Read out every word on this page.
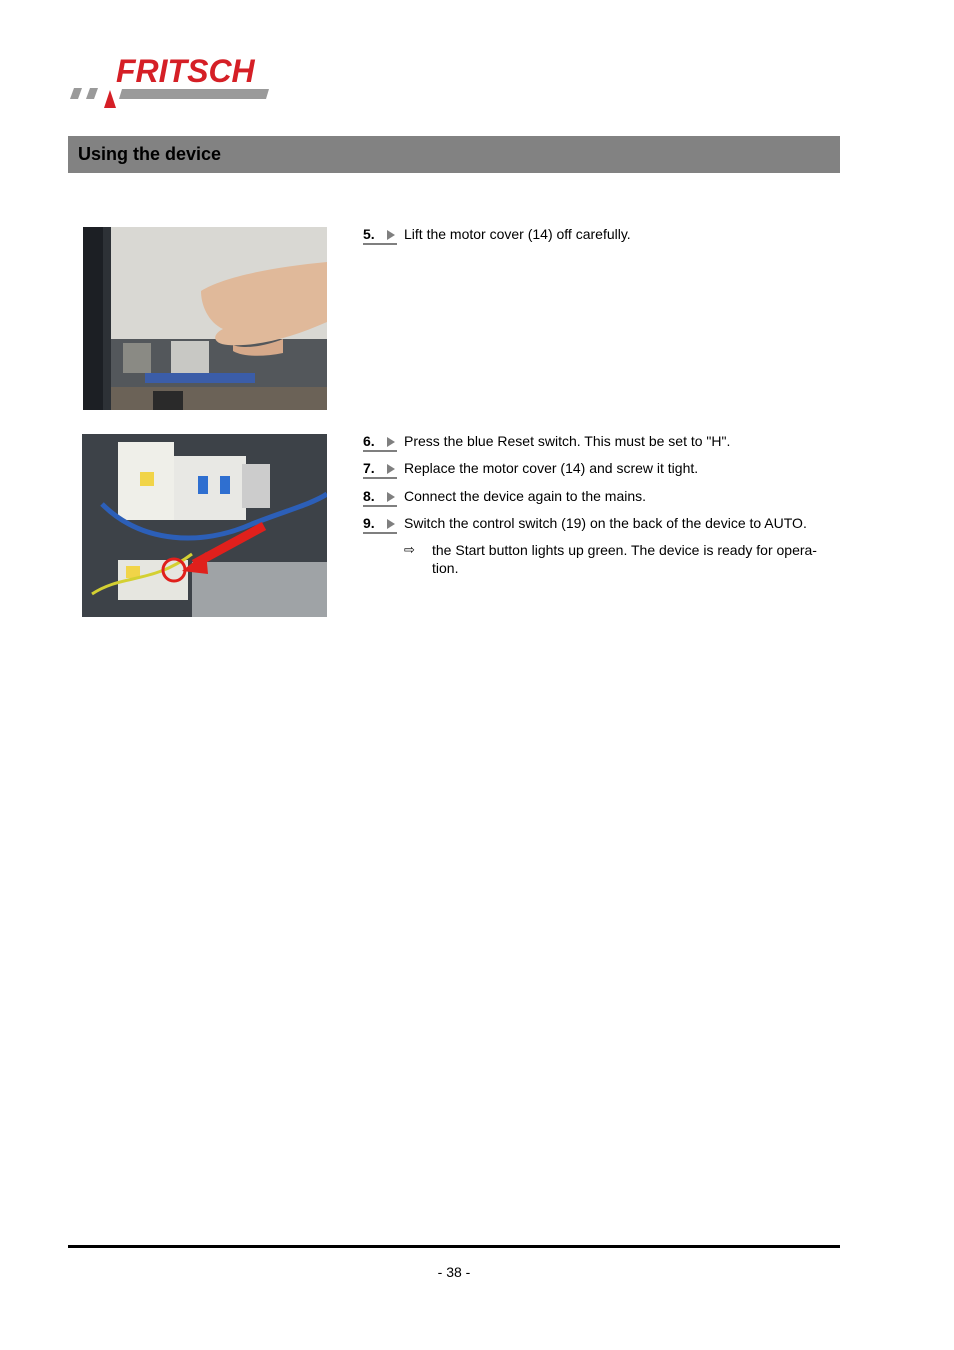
FRITSCH
Using the device
5.	Lift the motor cover (14) off carefully.
6.	Press the blue Reset switch. This must be set to "H".
7.	Replace the motor cover (14) and screw it tight.
8.	Connect the device again to the mains.
9.	Switch the control switch (19) on the back of the device to AUTO.
⇨ the Start button lights up green. The device is ready for opera-
tion.
- 38 -
